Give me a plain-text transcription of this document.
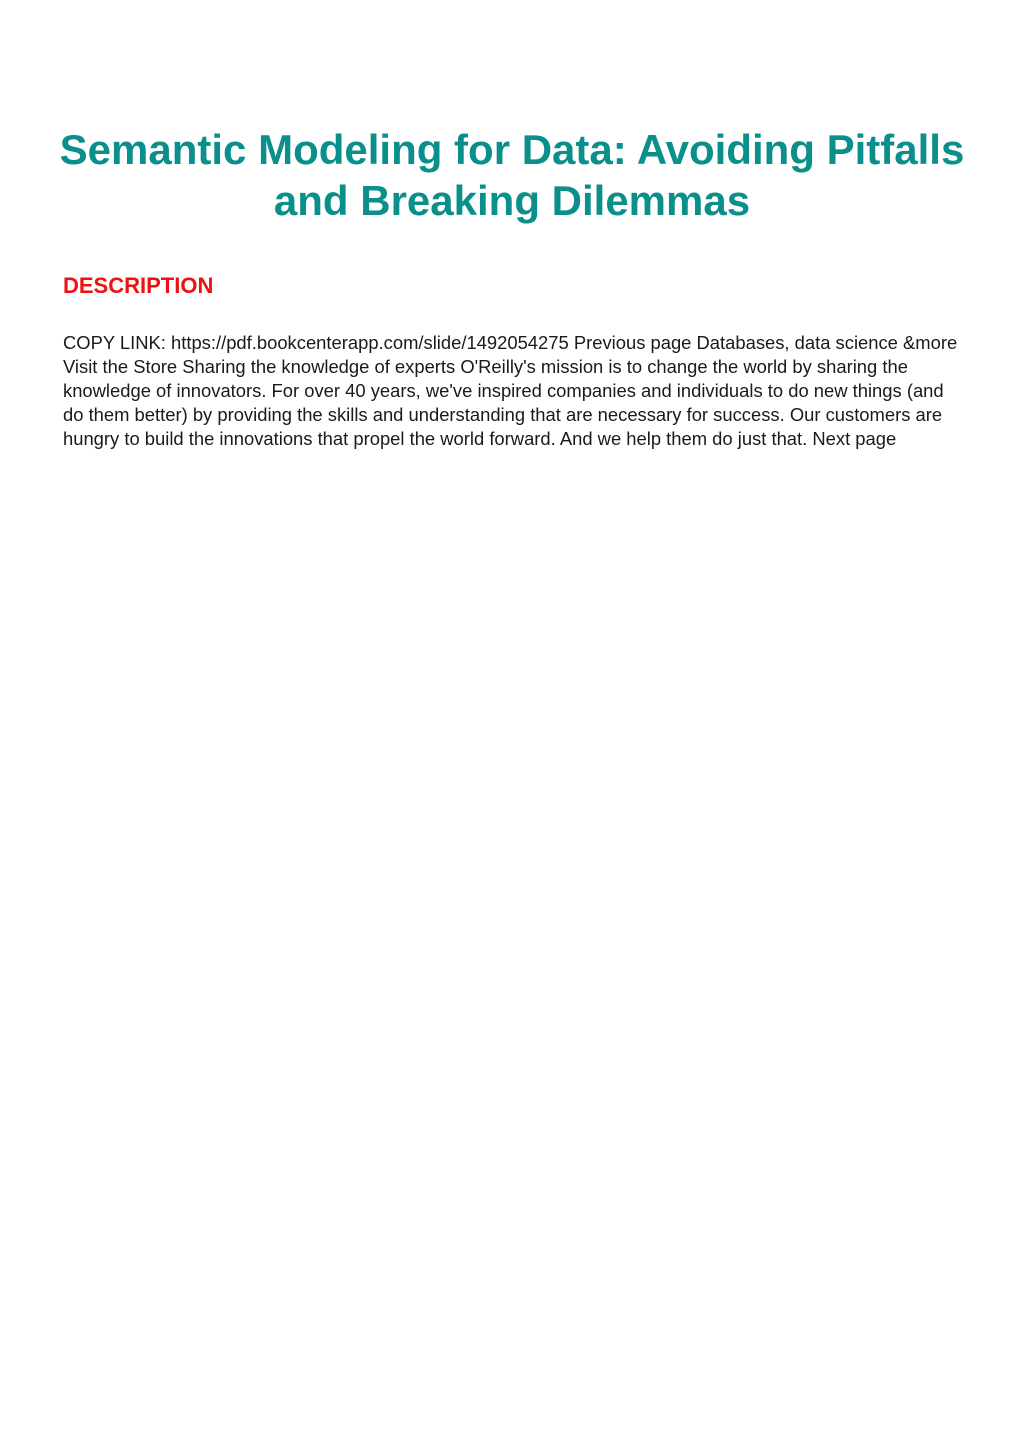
Semantic Modeling for Data: Avoiding Pitfalls and Breaking Dilemmas
DESCRIPTION

COPY LINK: https://pdf.bookcenterapp.com/slide/1492054275 Previous page Databases, data science &more Visit the Store Sharing the knowledge of experts O'Reilly's mission is to change the world by sharing the knowledge of innovators. For over 40 years, we've inspired companies and individuals to do new things (and do them better) by providing the skills and understanding that are necessary for success. Our customers are hungry to build the innovations that propel the world forward. And we help them do just that. Next page
